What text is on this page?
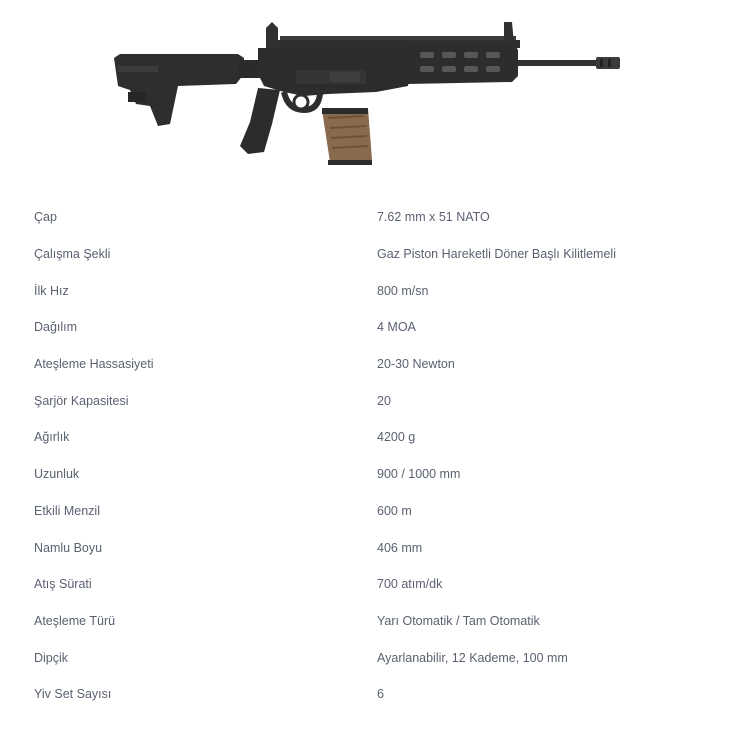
Çap	7.62 mm x 51 NATO
Çalışma Şekli	Gaz Piston Hareketli Döner Başlı Kilitlemeli
İlk Hız	800 m/sn
Dağılım	4 MOA
Ateşleme Hassasiyeti	20-30 Newton
Şarjör Kapasitesi	20
Ağırlık	4200 g
Uzunluk	900 / 1000 mm
Etkili Menzil	600 m
Namlu Boyu	406 mm
Atış Sürati	700 atım/dk
Ateşleme Türü	Yarı Otomatik / Tam Otomatik
Dipçik	Ayarlanabilir, 12 Kademe, 100 mm
Yiv Set Sayısı	6
